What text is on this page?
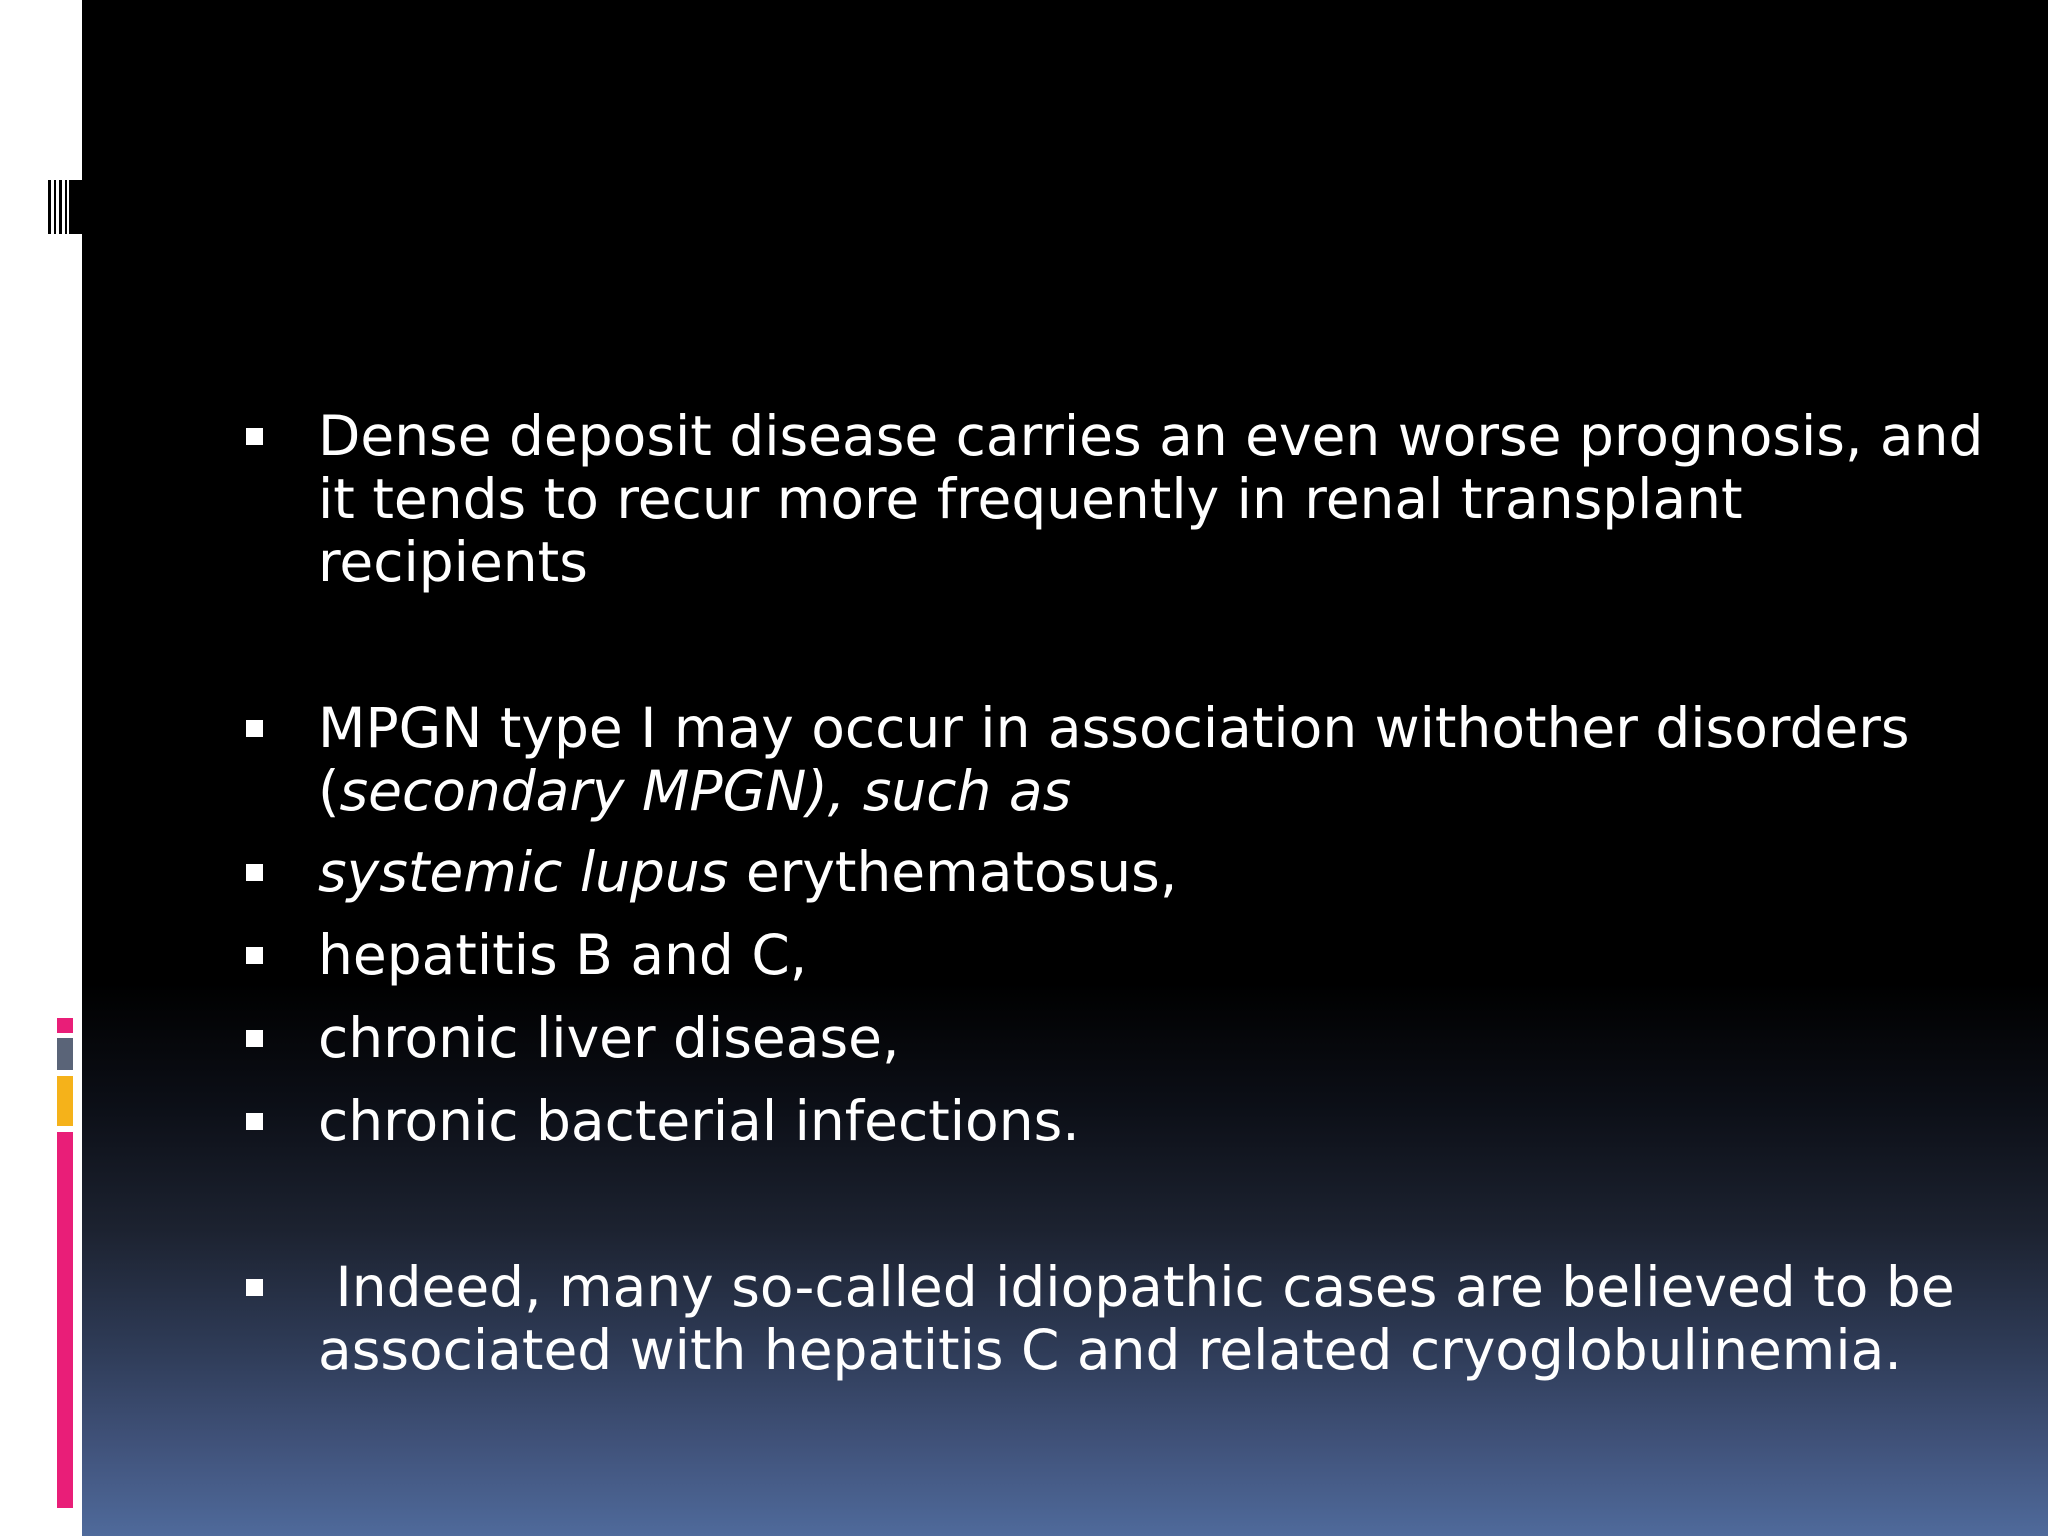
Dense deposit disease carries an even worse prognosis, and it tends to recur more frequently in renal transplant recipients
MPGN type I may occur in association withother disorders (secondary MPGN), such as
systemic lupus erythematosus,
hepatitis B and C,
chronic liver disease,
chronic bacterial infections.
Indeed, many so-called idiopathic cases are believed to be associated with hepatitis C and related cryoglobulinemia.
